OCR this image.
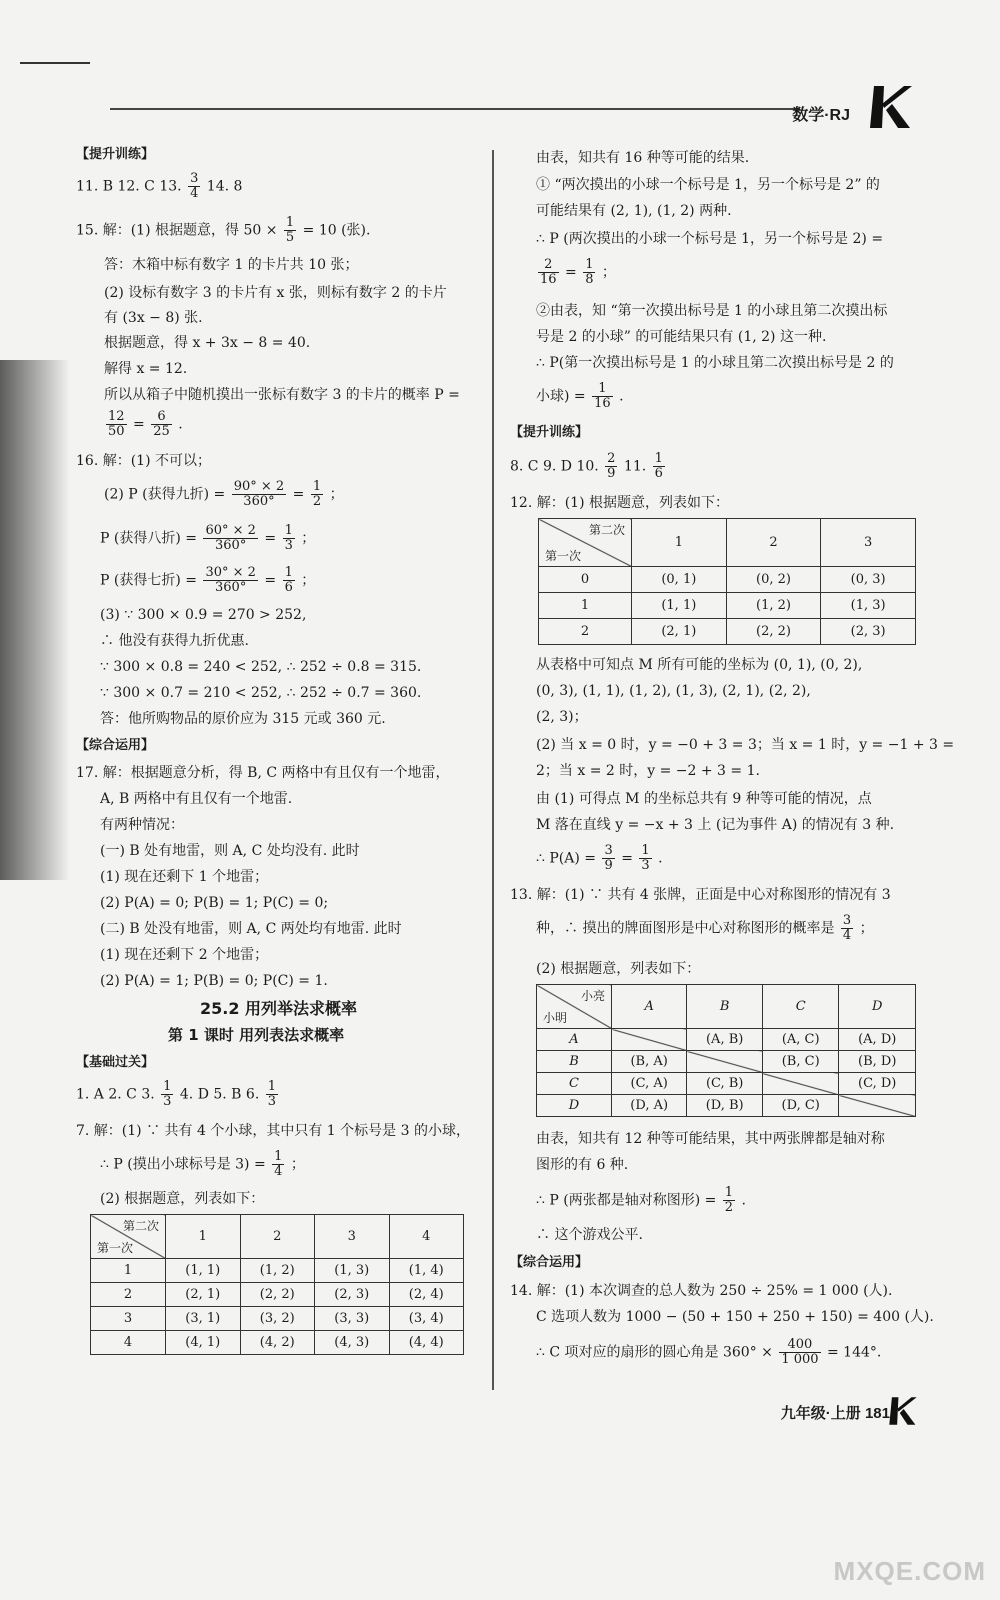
数学·RJ
【提升训练】
11. B 12. C 13. $\frac{3}{4} 14$. 8
15. 解：(1) 根据题意，得 $50 \times \frac{1}{5} = 10$ (张).
答：木箱中标有数字 1 的卡片共 10 张；
(2) 设标有数字 3 的卡片有 x 张，则标有数字 2 的卡片
有 (3x − 8) 张.
根据题意，得 x + 3x − 8 = 40.
解得 x = 12.
所以从箱子中随机摸出一张标有数字 3 的卡片的概率 P =
$\frac{12}{50} = \frac{6}{25}$ .
16. 解：(1) 不可以；
(2) P (获得九折) = $\frac{90^\circ \times 2}{360^\circ} = \frac{1}{2}$ ；
P (获得八折) = $\frac{60^\circ \times 2}{360^\circ} = \frac{1}{3}$ ；
P (获得七折) = $\frac{30^\circ \times 2}{360^\circ} = \frac{1}{6}$ ；
(3) ∵ 300 × 0.9 = 270 > 252,
∴ 他没有获得九折优惠.
∵ 300 × 0.8 = 240 < 252, ∴ 252 ÷ 0.8 = 315.
∵ 300 × 0.7 = 210 < 252, ∴ 252 ÷ 0.7 = 360.
答：他所购物品的原价应为 315 元或 360 元.
【综合运用】
17. 解：根据题意分析，得 B, C 两格中有且仅有一个地雷，
A, B 两格中有且仅有一个地雷.
有两种情况：
(一) B 处有地雷，则 A, C 处均没有. 此时
(1) 现在还剩下 1 个地雷；
(2) P(A) = 0; P(B) = 1; P(C) = 0;
(二) B 处没有地雷，则 A, C 两处均有地雷. 此时
(1) 现在还剩下 2 个地雷；
(2) P(A) = 1; P(B) = 0; P(C) = 1.
25.2 用列举法求概率
第 1 课时 用列表法求概率
【基础过关】
1. A 2. C 3. $\frac{1}{3} 4$. D 5. B 6. $\frac{1}{3}$
7. 解：(1) ∵ 共有 4 个小球，其中只有 1 个标号是 3 的小球，
∴ P (摸出小球标号是 $3) = \frac{1}{4}$ ；
(2) 根据题意，列表如下：
第二次
第一次	1	2	3	4
1	(1, 1)	(1, 2)	(1, 3)	(1, 4)
2	(2, 1)	(2, 2)	(2, 3)	(2, 4)
3	(3, 1)	(3, 2)	(3, 3)	(3, 4)
4	(4, 1)	(4, 2)	(4, 3)	(4, 4)
由表，知共有 16 种等可能的结果.
① “两次摸出的小球一个标号是 1，另一个标号是 2” 的
可能结果有 (2, 1), (1, 2) 两种.
∴ P (两次摸出的小球一个标号是 1，另一个标号是 2) =
$\frac{2}{16} = \frac{1}{8}$ ；
②由表，知 “第一次摸出标号是 1 的小球且第二次摸出标
号是 2 的小球” 的可能结果只有 (1, 2) 这一种.
∴ P(第一次摸出标号是 1 的小球且第二次摸出标号是 2 的
小球) = $\frac{1}{16}$ .
【提升训练】
8. C 9. D 10. $\frac{2}{9} 11$. $\frac{1}{6}$
12. 解：(1) 根据题意，列表如下：
第二次
第一次	1	2	3
0	(0, 1)	(0, 2)	(0, 3)
1	(1, 1)	(1, 2)	(1, 3)
2	(2, 1)	(2, 2)	(2, 3)
从表格中可知点 M 所有可能的坐标为 (0, 1), (0, 2),
(0, 3), (1, 1), (1, 2), (1, 3), (2, 1), (2, 2),
(2, 3)；
(2) 当 x = 0 时，y = −0 + 3 = 3；当 x = 1 时，y = −1 + 3 =
2；当 x = 2 时，y = −2 + 3 = 1.
由 (1) 可得点 M 的坐标总共有 9 种等可能的情况，点
M 落在直线 y = −x + 3 上 (记为事件 A) 的情况有 3 种.
∴ $P(A) = \frac{3}{9} = \frac{1}{3}$ .
13. 解：(1) ∵ 共有 4 张牌，正面是中心对称图形的情况有 3
种，∴ 摸出的牌面图形是中心对称图形的概率是 $\frac{3}{4}$ ；
(2) 根据题意，列表如下：
小亮
小明	A	B	C	D
A		(A, B)	(A, C)	(A, D)
B	(B, A)		(B, C)	(B, D)
C	(C, A)	(C, B)		(C, D)
D	(D, A)	(D, B)	(D, C)	
由表，知共有 12 种等可能结果，其中两张牌都是轴对称
图形的有 6 种.
∴ P (两张都是轴对称图形) = $\frac{1}{2}$ .
∴ 这个游戏公平.
【综合运用】
14. 解：(1) 本次调查的总人数为 250 ÷ 25% = 1 000 (人).
C 选项人数为 1000 − (50 + 150 + 250 + 150) = 400 (人).
∴ C 项对应的扇形的圆心角是 $360^\circ \times \frac{400}{1 000} = 144^\circ$.
九年级·上册 181
MXQE.COM
